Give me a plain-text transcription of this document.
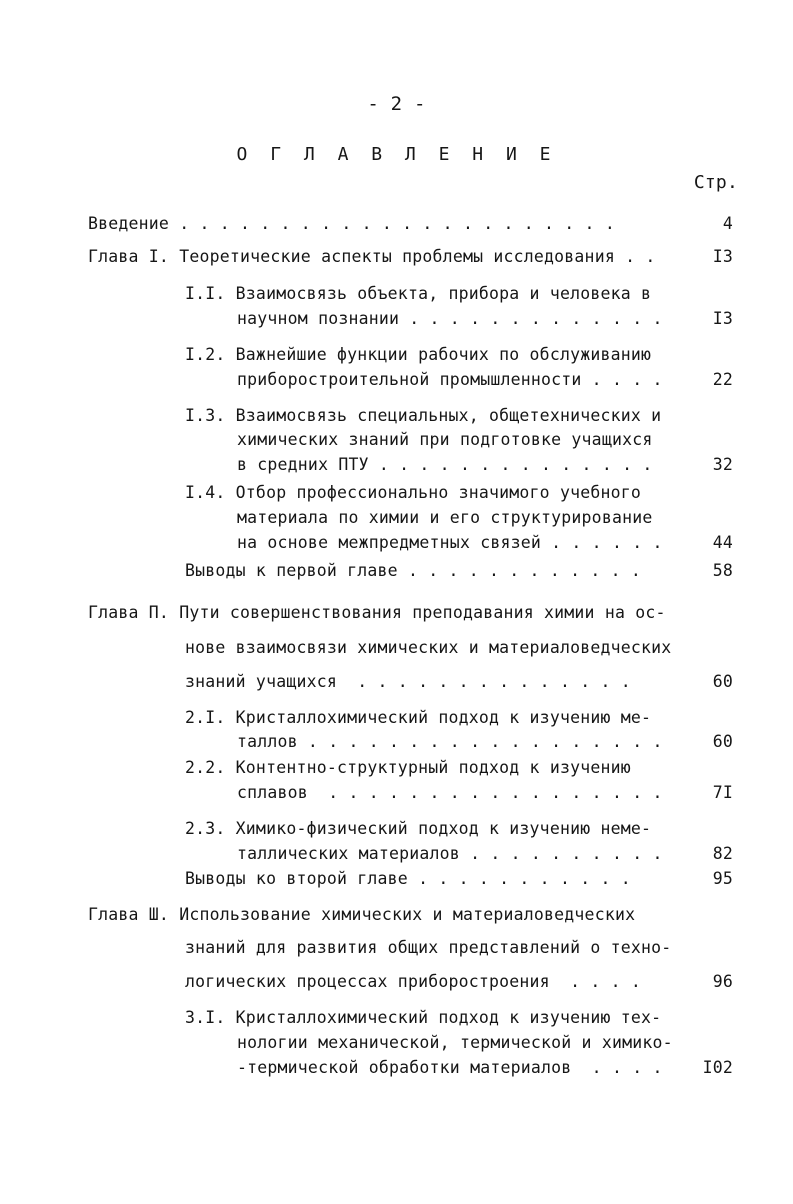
- 2 -
О Г Л А В Л Е Н И Е
Стр.
Введение . . . . . . . . . . . . . . . . . . . . . .	4
Глава I. Теоретические аспекты проблемы исследования . .	I3
I.I. Взаимосвязь объекта, прибора и человека в
научном познании . . . . . . . . . . . . .	I3
I.2. Важнейшие функции рабочих по обслуживанию
приборостроительной промышленности . . . .	22
I.3. Взаимосвязь специальных, общетехнических и
химических знаний при подготовке учащихся
в средних ПТУ . . . . . . . . . . . . . .	32
I.4. Отбор профессионально значимого учебного
материала по химии и его структурирование
на основе межпредметных связей . . . . . .	44
Выводы к первой главе . . . . . . . . . . . .	58
Глава П. Пути совершенствования преподавания химии на ос-
нове взаимосвязи химических и материаловедческих
знаний учащихся  . . . . . . . . . . . . . .	60
2.I. Кристаллохимический подход к изучению ме-
таллов . . . . . . . . . . . . . . . . . .	60
2.2. Контентно-структурный подход к изучению
сплавов  . . . . . . . . . . . . . . . . .	7I
2.3. Химико-физический подход к изучению неме-
таллических материалов . . . . . . . . . .	82
Выводы ко второй главе . . . . . . . . . . .	95
Глава Ш. Использование химических и материаловедческих
знаний для развития общих представлений о техно-
логических процессах приборостроения  . . . .	96
3.I. Кристаллохимический подход к изучению тех-
нологии механической, термической и химико-
-термической обработки материалов  . . . . I02
